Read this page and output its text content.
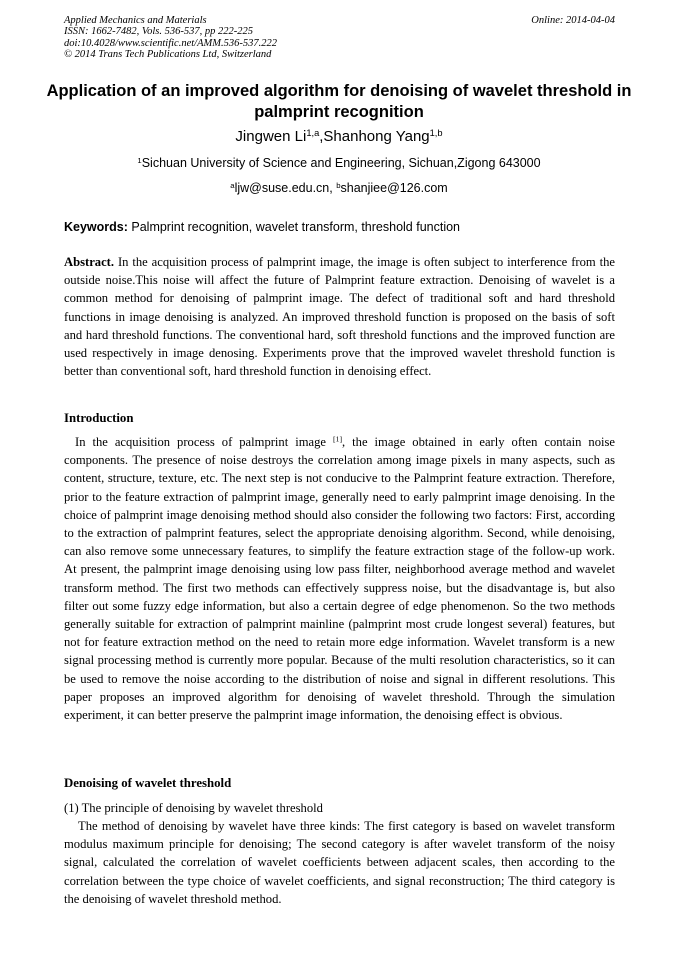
Applied Mechanics and Materials
ISSN: 1662-7482, Vols. 536-537, pp 222-225
doi:10.4028/www.scientific.net/AMM.536-537.222
© 2014 Trans Tech Publications Ltd, Switzerland
Online: 2014-04-04
Application of an improved algorithm for denoising of wavelet threshold in palmprint recognition
Jingwen Li$^{1,a}$,Shanhong Yang$^{1,b}$
$^1$Sichuan University of Science and Engineering, Sichuan,Zigong 643000
$^a$ljw@suse.edu.cn, $^b$shanjiee@126.com
Keywords: Palmprint recognition, wavelet transform, threshold function
Abstract. In the acquisition process of palmprint image, the image is often subject to interference from the outside noise.This noise will affect the future of Palmprint feature extraction. Denoising of wavelet is a common method for denoising of palmprint image. The defect of traditional soft and hard threshold functions in image denoising is analyzed. An improved threshold function is proposed on the basis of soft and hard threshold functions. The conventional hard, soft threshold functions and the improved function are used respectively in image denosing. Experiments prove that the improved wavelet threshold function is better than conventional soft, hard threshold function in denoising effect.
Introduction
In the acquisition process of palmprint image [1], the image obtained in early often contain noise components. The presence of noise destroys the correlation among image pixels in many aspects, such as content, structure, texture, etc. The next step is not conducive to the Palmprint feature extraction. Therefore, prior to the feature extraction of palmprint image, generally need to early palmprint image denoising. In the choice of palmprint image denoising method should also consider the following two factors: First, according to the extraction of palmprint features, select the appropriate denoising algorithm. Second, while denoising, can also remove some unnecessary features, to simplify the feature extraction stage of the follow-up work. At present, the palmprint image denoising using low pass filter, neighborhood average method and wavelet transform method. The first two methods can effectively suppress noise, but the disadvantage is, but also filter out some fuzzy edge information, but also a certain degree of edge phenomenon. So the two methods generally suitable for extraction of palmprint mainline (palmprint most crude longest several) features, but not for feature extraction method on the need to retain more edge information. Wavelet transform is a new signal processing method is currently more popular. Because of the multi resolution characteristics, so it can be used to remove the noise according to the distribution of noise and signal in different resolutions. This paper proposes an improved algorithm for denoising of wavelet threshold. Through the simulation experiment, it can better preserve the palmprint image information, the denoising effect is obvious.
Denoising of wavelet threshold
(1) The principle of denoising by wavelet threshold
The method of denoising by wavelet have three kinds: The first category is based on wavelet transform modulus maximum principle for denoising; The second category is after wavelet transform of the noisy signal, calculated the correlation of wavelet coefficients between adjacent scales, then according to the correlation between the type choice of wavelet coefficients, and signal reconstruction; The third category is the denoising of wavelet threshold method.
